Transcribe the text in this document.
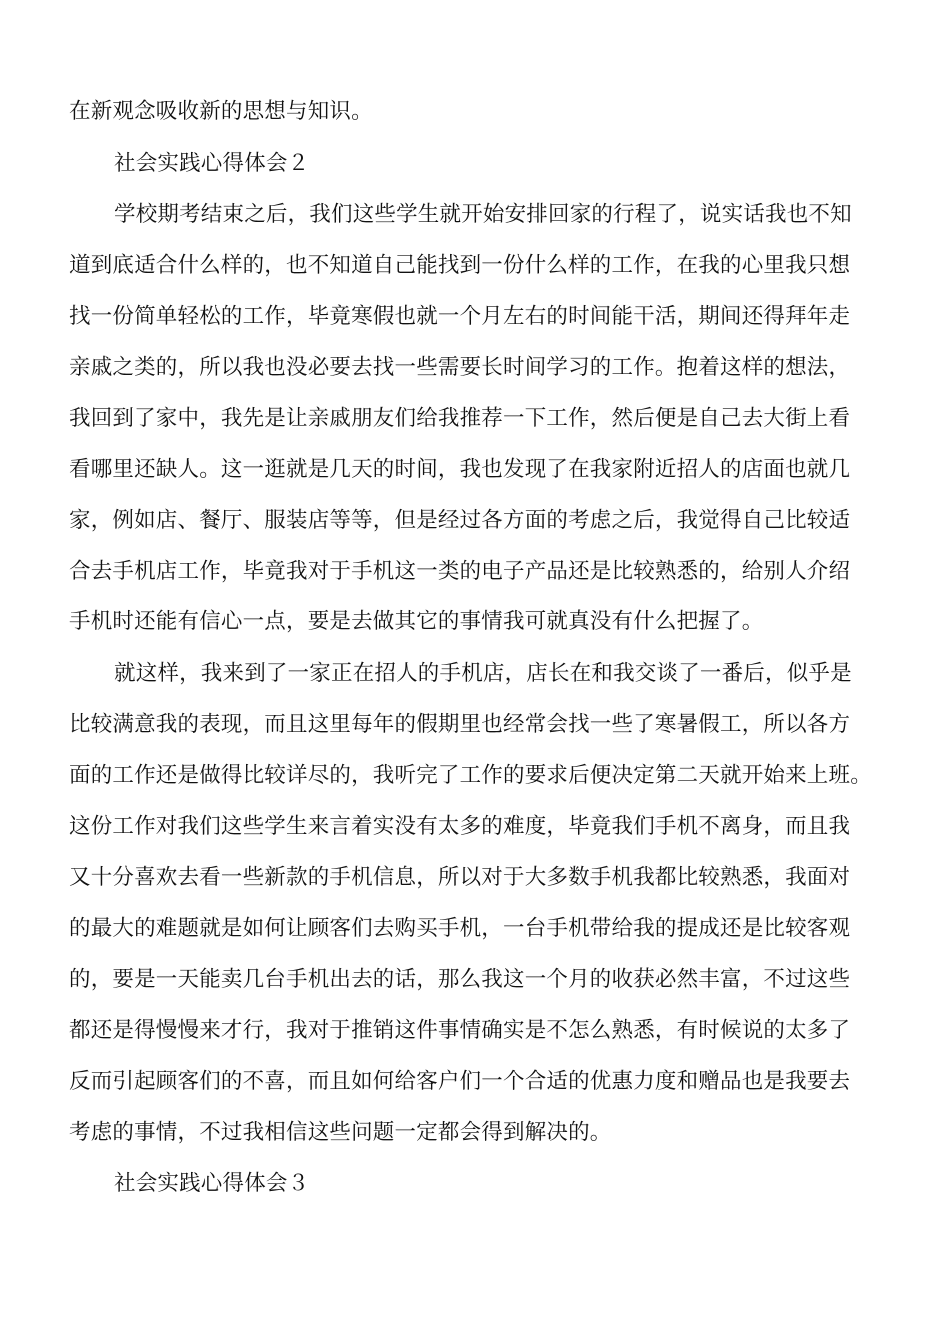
在新观念吸收新的思想与知识。
社会实践心得体会２
学校期考结束之后，我们这些学生就开始安排回家的行程了，说实话我也不知
道到底适合什么样的，也不知道自己能找到一份什么样的工作，在我的心里我只想
找一份简单轻松的工作，毕竟寒假也就一个月左右的时间能干活，期间还得拜年走
亲戚之类的，所以我也没必要去找一些需要长时间学习的工作。抱着这样的想法，
我回到了家中，我先是让亲戚朋友们给我推荐一下工作，然后便是自己去大街上看
看哪里还缺人。这一逛就是几天的时间，我也发现了在我家附近招人的店面也就几
家，例如店、餐厅、服装店等等，但是经过各方面的考虑之后，我觉得自己比较适
合去手机店工作，毕竟我对于手机这一类的电子产品还是比较熟悉的，给别人介绍
手机时还能有信心一点，要是去做其它的事情我可就真没有什么把握了。
就这样，我来到了一家正在招人的手机店，店长在和我交谈了一番后，似乎是
比较满意我的表现，而且这里每年的假期里也经常会找一些了寒暑假工，所以各方
面的工作还是做得比较详尽的，我听完了工作的要求后便决定第二天就开始来上班。
这份工作对我们这些学生来言着实没有太多的难度，毕竟我们手机不离身，而且我
又十分喜欢去看一些新款的手机信息，所以对于大多数手机我都比较熟悉，我面对
的最大的难题就是如何让顾客们去购买手机，一台手机带给我的提成还是比较客观
的，要是一天能卖几台手机出去的话，那么我这一个月的收获必然丰富，不过这些
都还是得慢慢来才行，我对于推销这件事情确实是不怎么熟悉，有时候说的太多了
反而引起顾客们的不喜，而且如何给客户们一个合适的优惠力度和赠品也是我要去
考虑的事情，不过我相信这些问题一定都会得到解决的。
社会实践心得体会３
